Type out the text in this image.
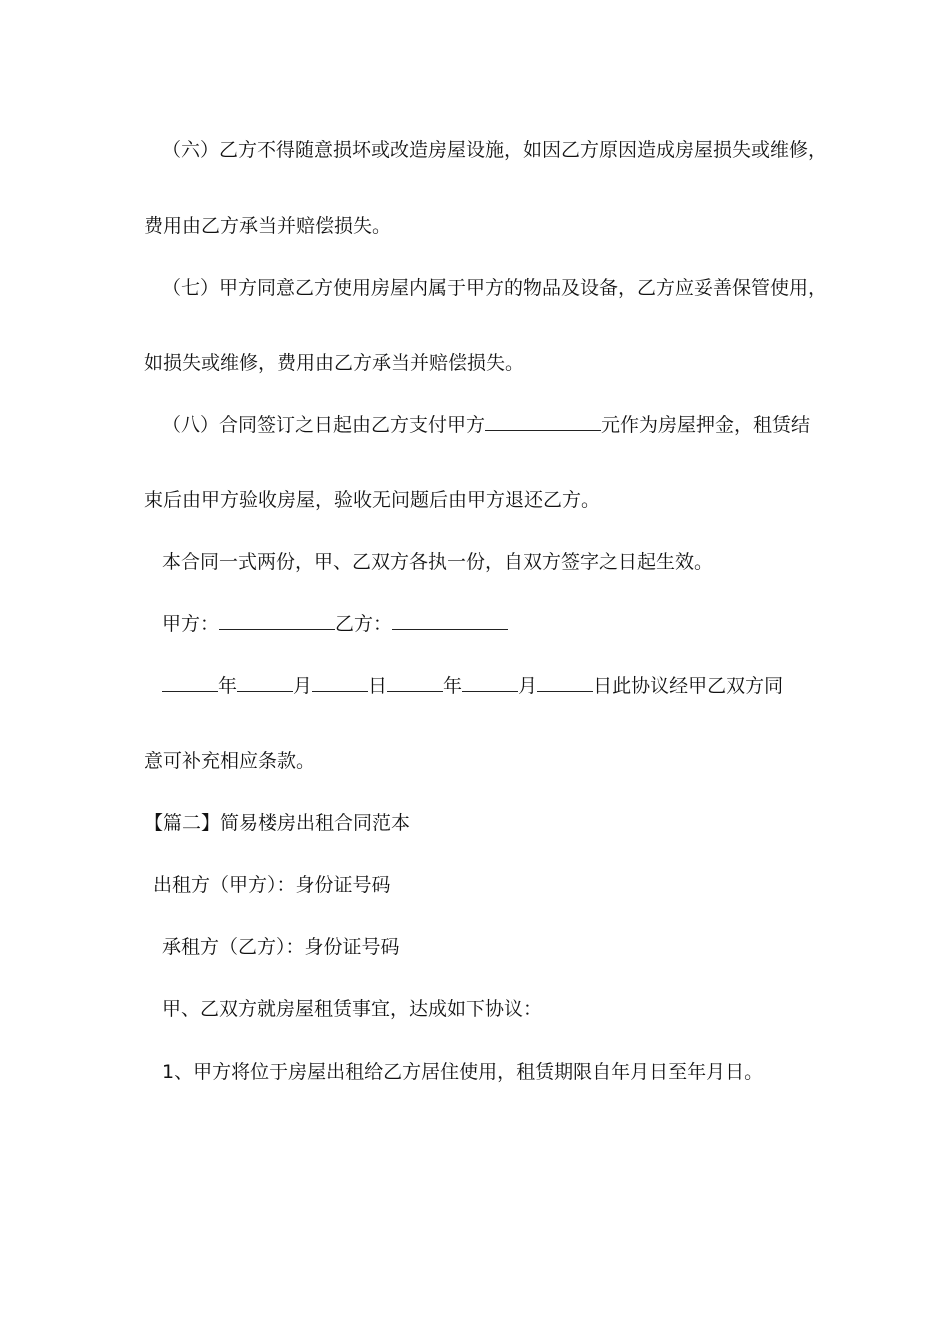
（六）乙方不得随意损坏或改造房屋设施，如因乙方原因造成房屋损失或维修，
费用由乙方承当并赔偿损失。
（七）甲方同意乙方使用房屋内属于甲方的物品及设备，乙方应妥善保管使用，
如损失或维修，费用由乙方承当并赔偿损失。
（八）合同签订之日起由乙方支付甲方	元作为房屋押金，租赁结
束后由甲方验收房屋，验收无问题后由甲方退还乙方。
本合同一式两份，甲、乙双方各执一份，自双方签字之日起生效。
甲方：	乙方：
年	月	日	年	月	日此协议经甲乙双方同
意可补充相应条款。
【篇二】简易楼房出租合同范本
出租方（甲方）：身份证号码
承租方（乙方）：身份证号码
甲、乙双方就房屋租赁事宜，达成如下协议：
1、甲方将位于房屋出租给乙方居住使用，租赁期限自年月日至年月日。
